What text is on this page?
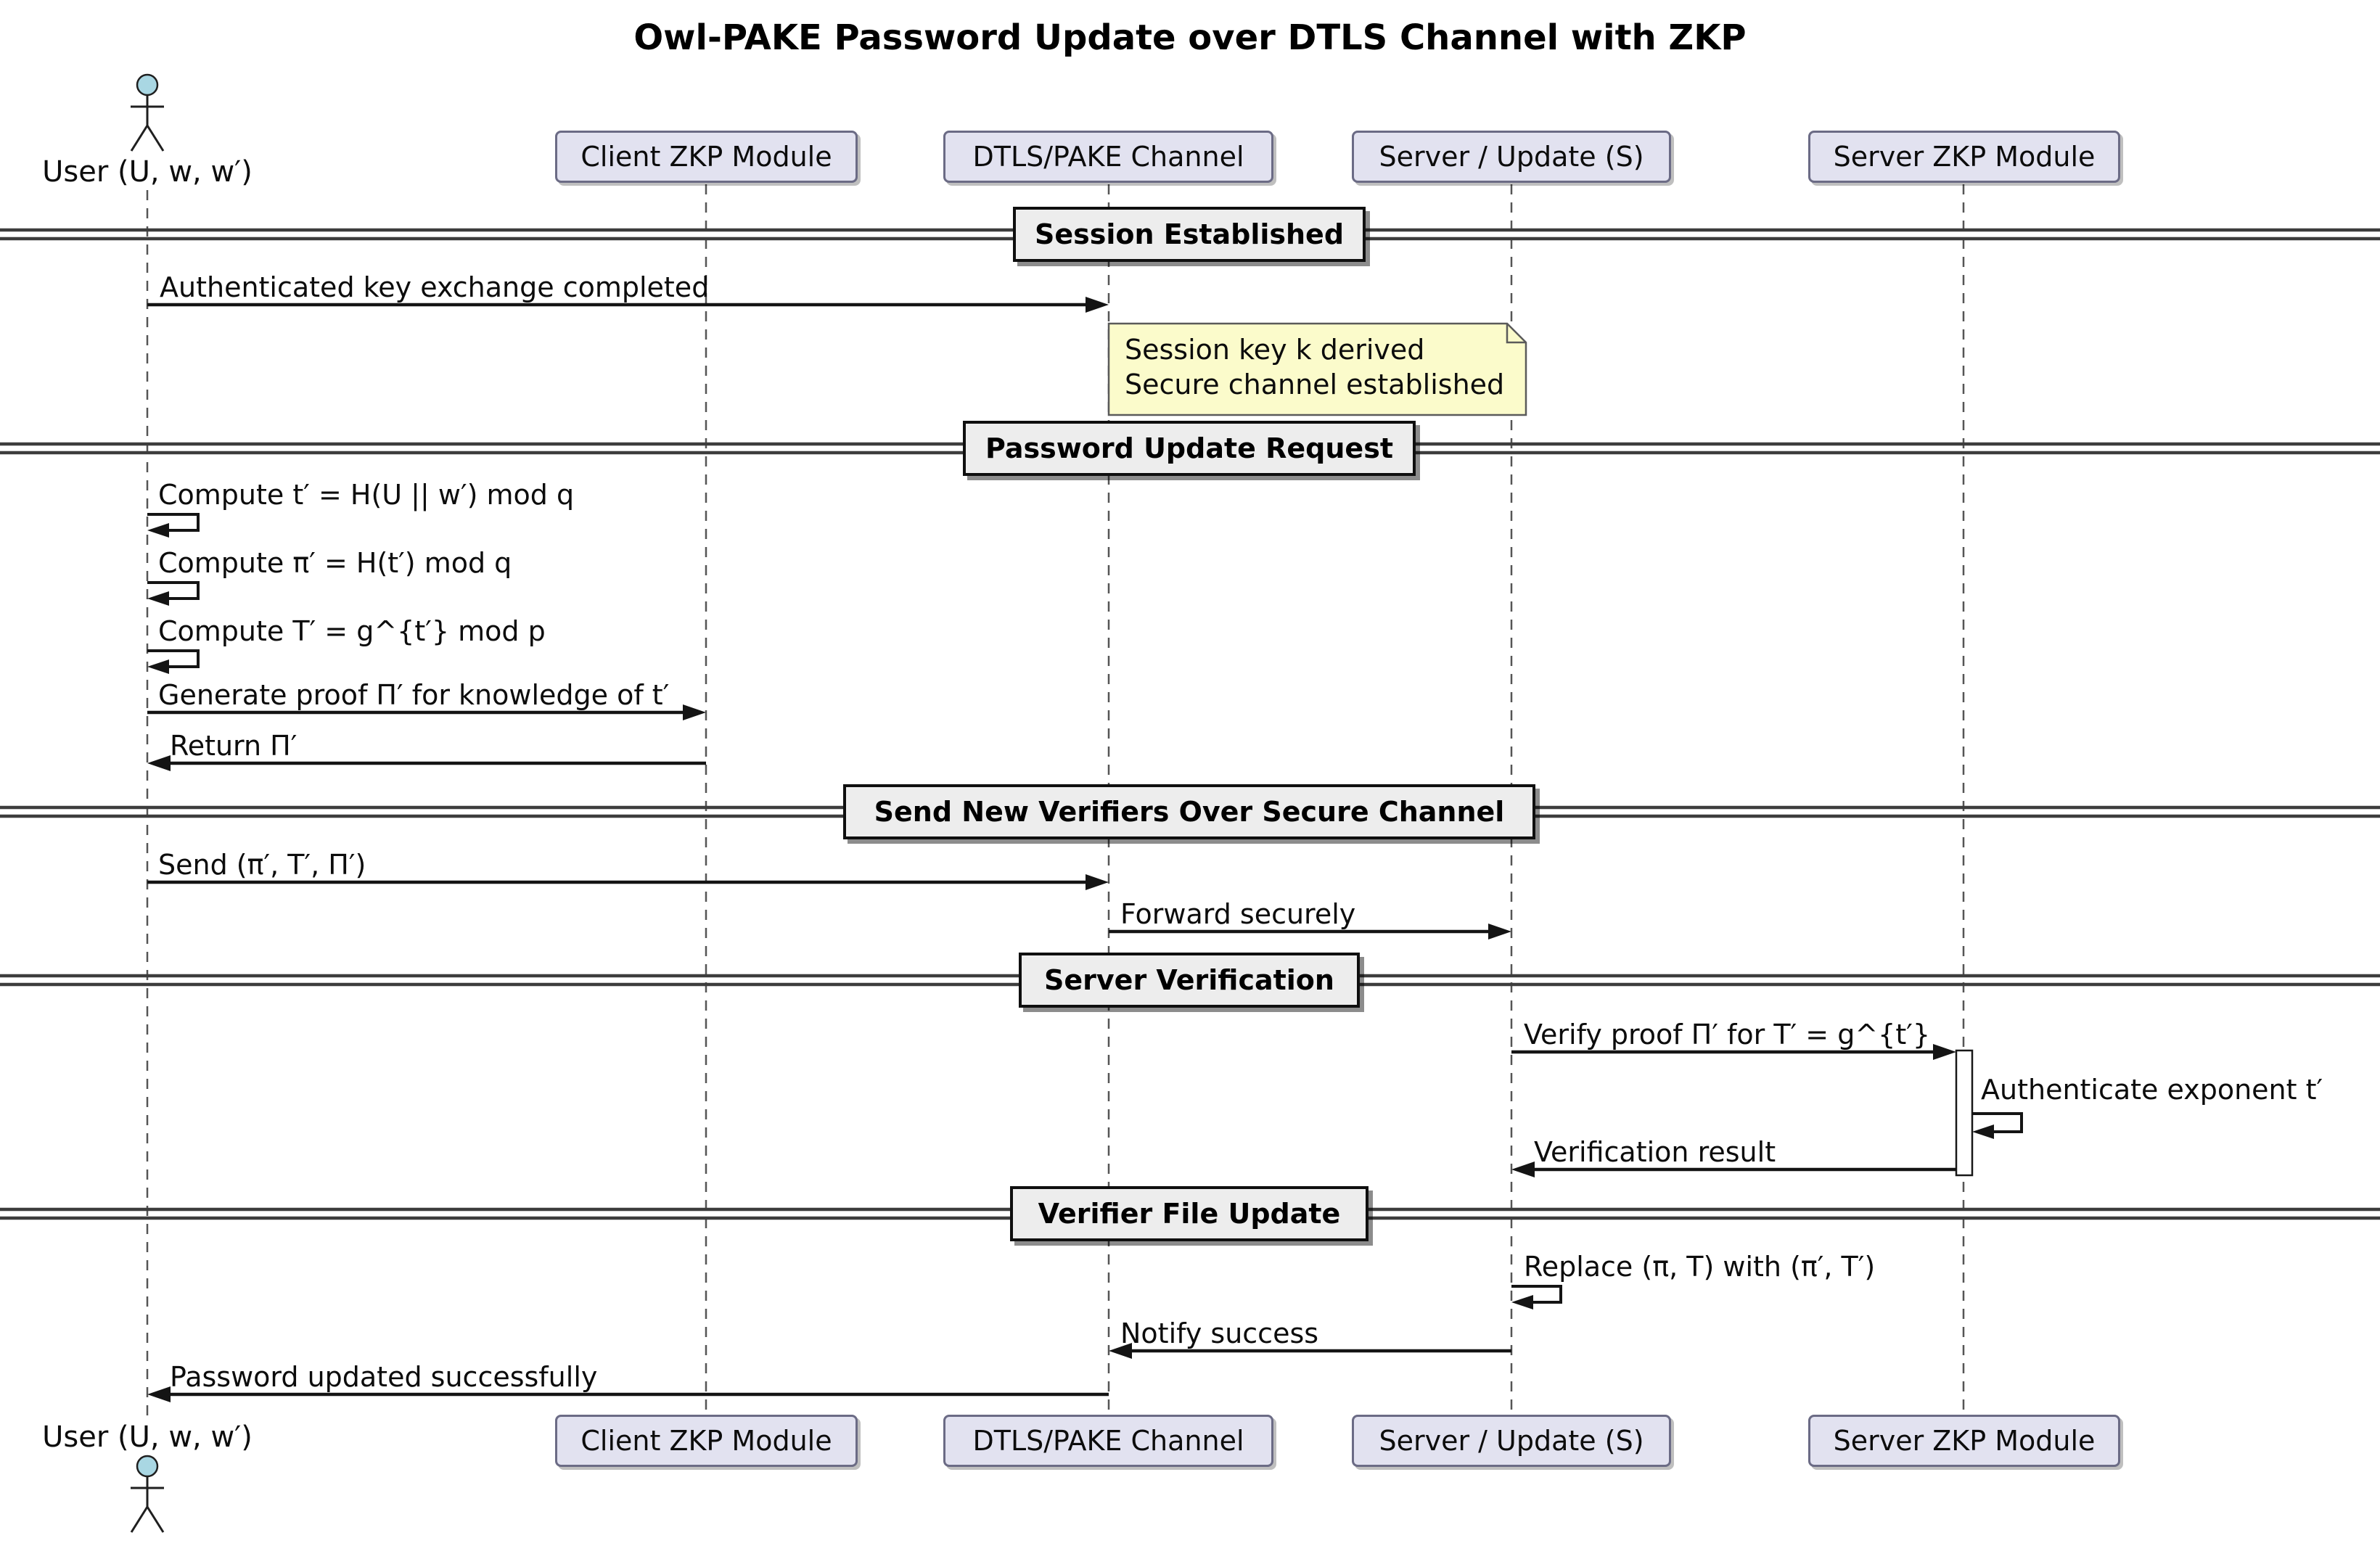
Owl-PAKE Password Update over DTLS Channel with ZKP
User (U, w, w′)	Client ZKP Module	DTLS/PAKE Channel	Server / Update (S)	Server ZKP Module
Session Established
Password Update Request
Send New Verifiers Over Secure Channel
Server Verification
Verifier File Update
Session key k derived
Secure channel established
Authenticated key exchange completed
Compute t′ = H(U || w′) mod q
Compute π′ = H(t′) mod q
Compute T′ = g^{t′} mod p
Generate proof Π′ for knowledge of t′
Return Π′
Send (π′, T′, Π′)
Forward securely
Verify proof Π′ for T′ = g^{t′}
Authenticate exponent t′
Verification result
Replace (π, T) with (π′, T′)
Notify success
Password updated successfully
User (U, w, w′)	Client ZKP Module	DTLS/PAKE Channel	Server / Update (S)	Server ZKP Module
